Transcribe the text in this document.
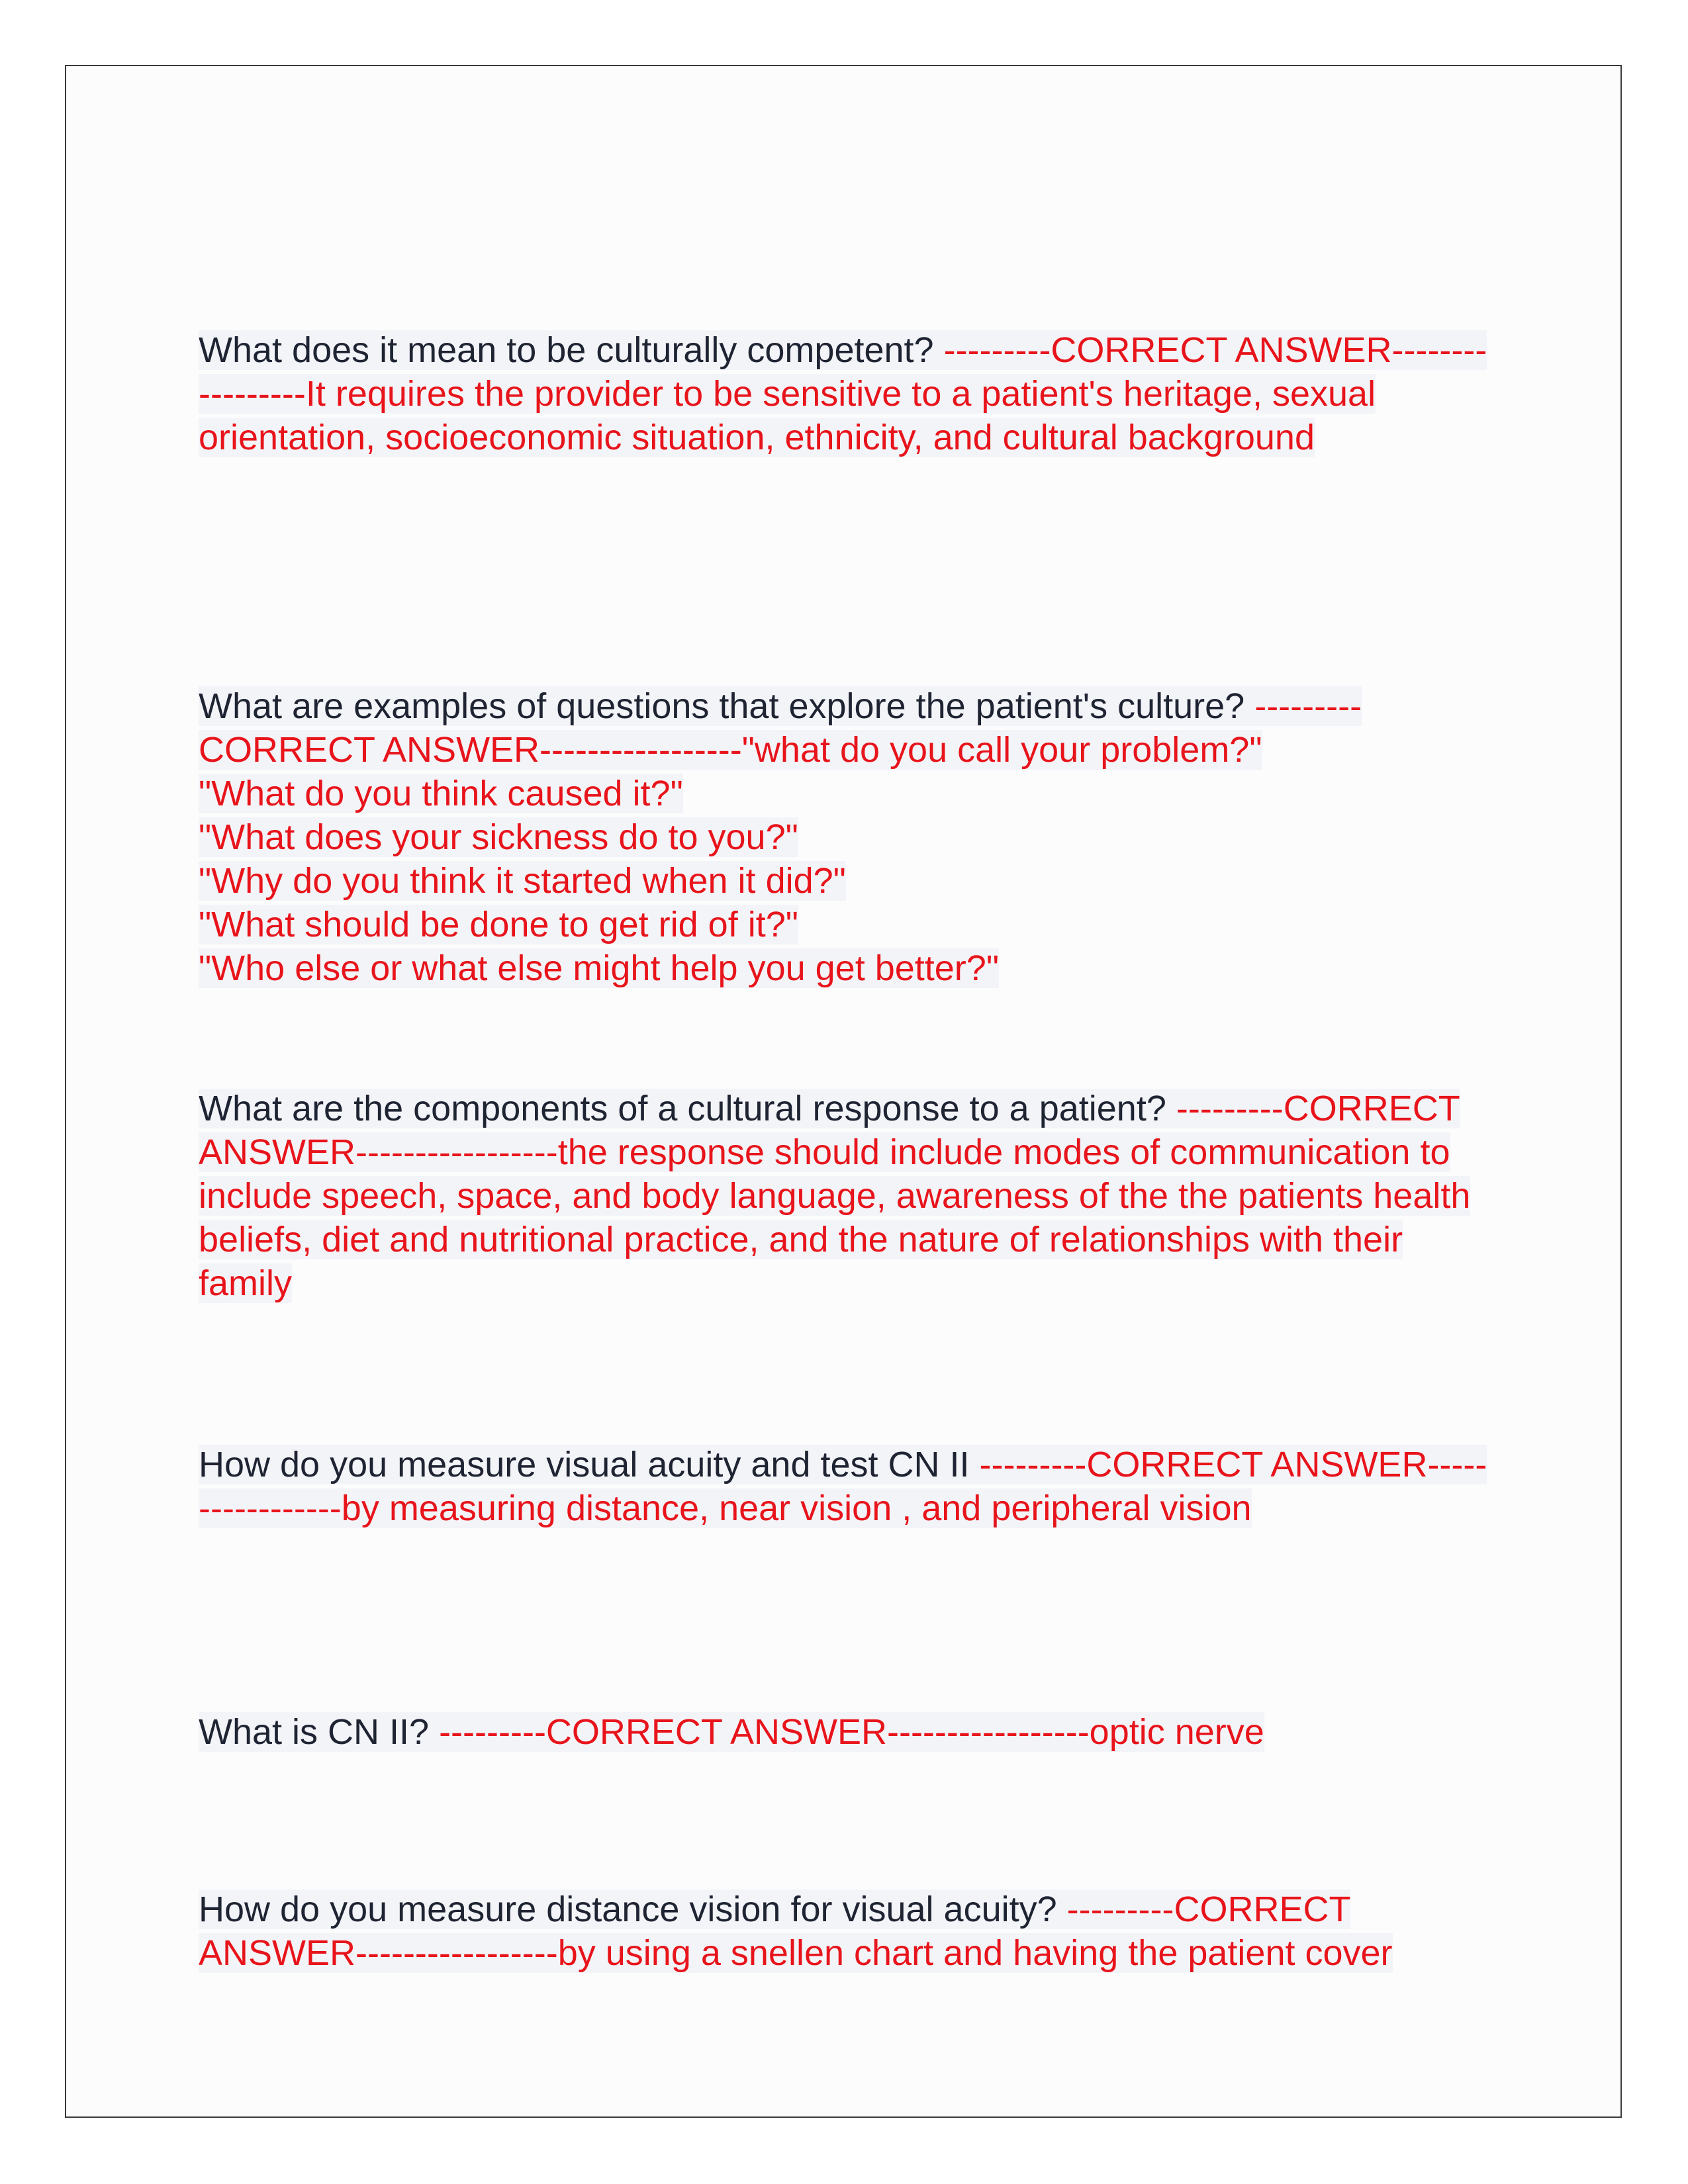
What does it mean to be culturally competent? ---------CORRECT ANSWER-----------------It requires the provider to be sensitive to a patient's heritage, sexual orientation, socioeconomic situation, ethnicity, and cultural background

What are examples of questions that explore the patient's culture? ---------CORRECT ANSWER-----------------"what do you call your problem?"
"What do you think caused it?"
"What does your sickness do to you?"
"Why do you think it started when it did?"
"What should be done to get rid of it?"
"Who else or what else might help you get better?"

What are the components of a cultural response to a patient? ---------CORRECT ANSWER-----------------the response should include modes of communication to include speech, space, and body language, awareness of the the patients health beliefs, diet and nutritional practice, and the nature of relationships with their family

How do you measure visual acuity and test CN II ---------CORRECT ANSWER-----------------by measuring distance, near vision , and peripheral vision

What is CN II? ---------CORRECT ANSWER-----------------optic nerve

How do you measure distance vision for visual acuity? ---------CORRECT ANSWER-----------------by using a snellen chart and having the patient cover
